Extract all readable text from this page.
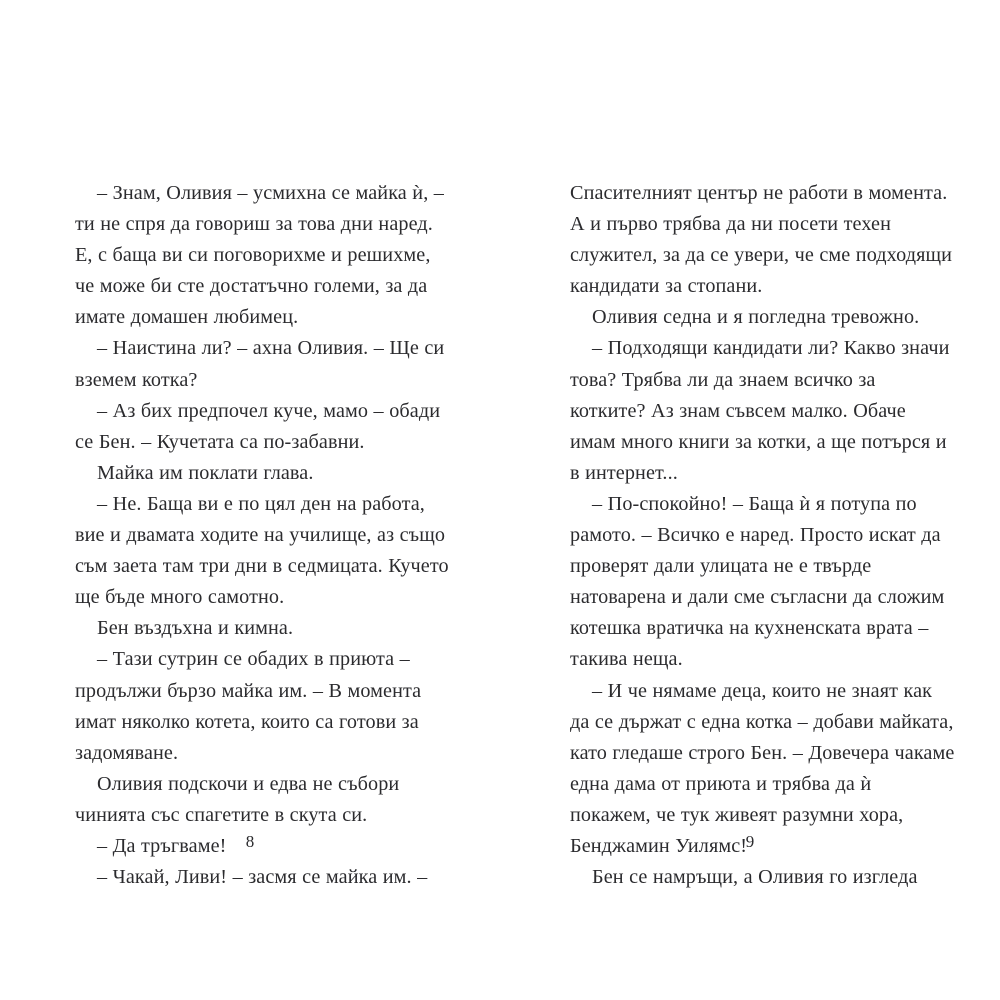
– Знам, Оливия – усмихна се майка ѝ, – ти не спря да говориш за това дни наред. Е, с баща ви си поговорихме и решихме, че може би сте достатъчно големи, за да имате домашен любимец.

– Наистина ли? – ахна Оливия. – Ще си вземем котка?

– Аз бих предпочел куче, мамо – обади се Бен. – Кучетата са по-забавни.

Майка им поклати глава.

– Не. Баща ви е по цял ден на работа, вие и двамата ходите на училище, аз също съм заета там три дни в седмицата. Кучето ще бъде много самотно.

Бен въздъхна и кимна.

– Тази сутрин се обадих в приюта – продължи бързо майка им. – В момента имат няколко котета, които са готови за задомяване.

Оливия подскочи и едва не събори чинията със спагетите в скута си.

– Да тръгваме!

– Чакай, Ливи! – засмя се майка им. –

8

Спасителният център не работи в момента. А и първо трябва да ни посети техен служител, за да се увери, че сме подходящи кандидати за стопани.

Оливия седна и я погледна тревожно.

– Подходящи кандидати ли? Какво значи това? Трябва ли да знаем всичко за котките? Аз знам съвсем малко. Обаче имам много книги за котки, а ще потърся и в интернет...

– По-спокойно! – Баща ѝ я потупа по рамото. – Всичко е наред. Просто искат да проверят дали улицата не е твърде натоварена и дали сме съгласни да сложим котешка вратичка на кухненската врата – такива неща.

– И че нямаме деца, които не знаят как да се държат с една котка – добави майката, като гледаше строго Бен. – Довечера чакаме една дама от приюта и трябва да ѝ покажем, че тук живеят разумни хора, Бенджамин Уилямс!

Бен се намръщи, а Оливия го изгледа

9
